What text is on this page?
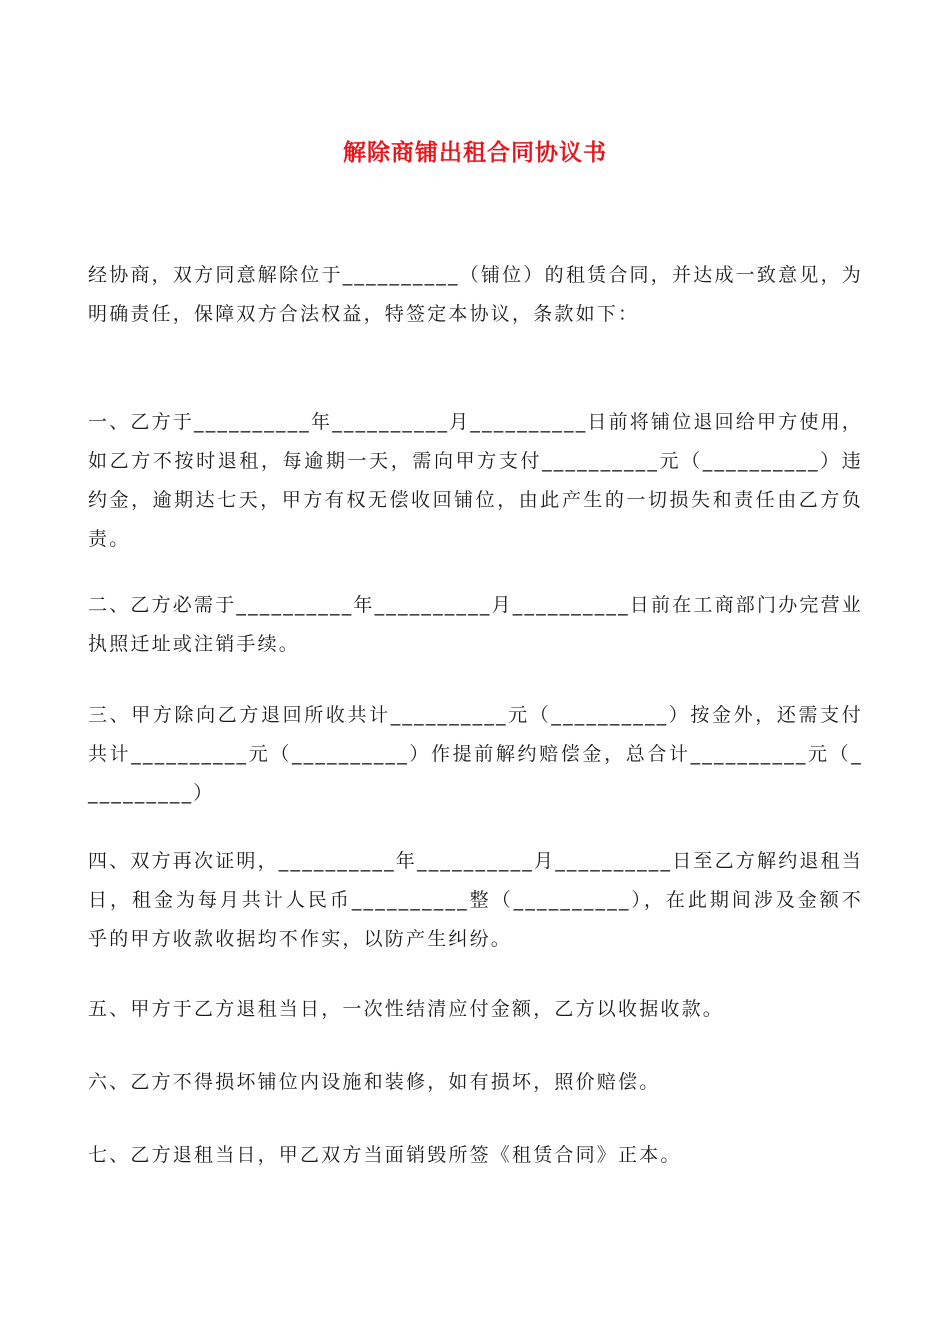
解除商铺出租合同协议书
经协商，双方同意解除位于__________（铺位）的租赁合同，并达成一致意见，为明确责任，保障双方合法权益，特签定本协议，条款如下：
一、乙方于__________年__________月__________日前将铺位退回给甲方使用，如乙方不按时退租，每逾期一天，需向甲方支付__________元（__________）违约金，逾期达七天，甲方有权无偿收回铺位，由此产生的一切损失和责任由乙方负责。
二、乙方必需于__________年__________月__________日前在工商部门办完营业执照迁址或注销手续。
三、甲方除向乙方退回所收共计__________元（__________）按金外，还需支付共计__________元（__________）作提前解约赔偿金，总合计__________元（__________）
四、双方再次证明，__________年__________月__________日至乙方解约退租当日，租金为每月共计人民币__________整（__________），在此期间涉及金额不乎的甲方收款收据均不作实，以防产生纠纷。
五、甲方于乙方退租当日，一次性结清应付金额，乙方以收据收款。
六、乙方不得损坏铺位内设施和装修，如有损坏，照价赔偿。
七、乙方退租当日，甲乙双方当面销毁所签《租赁合同》正本。
